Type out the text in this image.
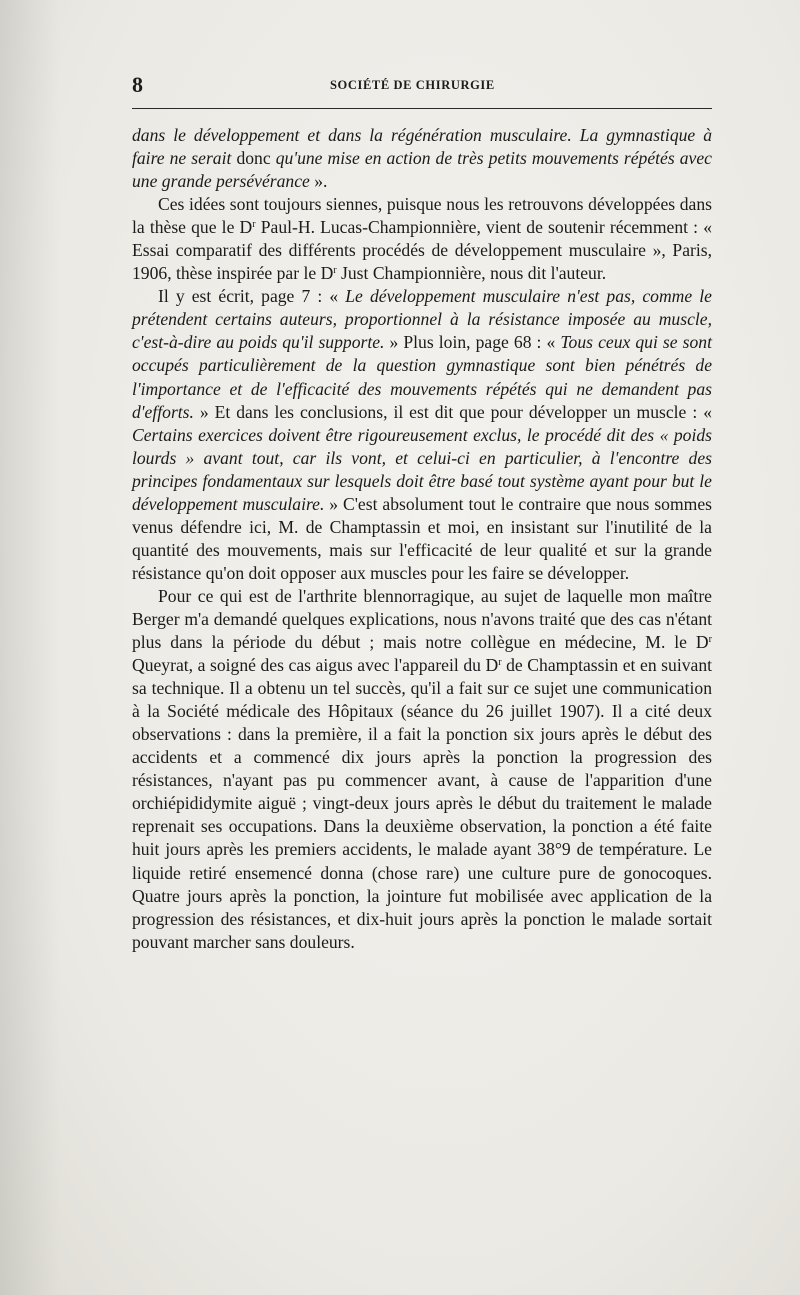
8	SOCIÉTÉ DE CHIRURGIE

dans le développement et dans la régénération musculaire. La gymnastique à faire ne serait donc qu'une mise en action de très petits mouvements répétés avec une grande persévérance ».

Ces idées sont toujours siennes, puisque nous les retrouvons développées dans la thèse que le $D^r$ Paul-H. Lucas-Championnière, vient de soutenir récemment : « Essai comparatif des différents procédés de développement musculaire », Paris, 1906, thèse inspirée par le $D^r$ Just Championnière, nous dit l'auteur.

Il y est écrit, page 7 : « Le développement musculaire n'est pas, comme le prétendent certains auteurs, proportionnel à la résistance imposée au muscle, c'est-à-dire au poids qu'il supporte. » Plus loin, page 68 : « Tous ceux qui se sont occupés particulièrement de la question gymnastique sont bien pénétrés de l'importance et de l'efficacité des mouvements répétés qui ne demandent pas d'efforts. » Et dans les conclusions, il est dit que pour développer un muscle : « Certains exercices doivent être rigoureusement exclus, le procédé dit des « poids lourds » avant tout, car ils vont, et celui-ci en particulier, à l'encontre des principes fondamentaux sur lesquels doit être basé tout système ayant pour but le développement musculaire. » C'est absolument tout le contraire que nous sommes venus défendre ici, M. de Champtassin et moi, en insistant sur l'inutilité de la quantité des mouvements, mais sur l'efficacité de leur qualité et sur la grande résistance qu'on doit opposer aux muscles pour les faire se développer.

Pour ce qui est de l'arthrite blennorragique, au sujet de laquelle mon maître Berger m'a demandé quelques explications, nous n'avons traité que des cas n'étant plus dans la période du début ; mais notre collègue en médecine, M. le $D^r$ Queyrat, a soigné des cas aigus avec l'appareil du $D^r$ de Champtassin et en suivant sa technique. Il a obtenu un tel succès, qu'il a fait sur ce sujet une communication à la Société médicale des Hôpitaux (séance du 26 juillet 1907). Il a cité deux observations : dans la première, il a fait la ponction six jours après le début des accidents et a commencé dix jours après la ponction la progression des résistances, n'ayant pas pu commencer avant, à cause de l'apparition d'une orchiépididymite aiguë ; vingt-deux jours après le début du traitement le malade reprenait ses occupations. Dans la deuxième observation, la ponction a été faite huit jours après les premiers accidents, le malade ayant 38°9 de température. Le liquide retiré ensemencé donna (chose rare) une culture pure de gonocoques. Quatre jours après la ponction, la jointure fut mobilisée avec application de la progression des résistances, et dix-huit jours après la ponction le malade sortait pouvant marcher sans douleurs.
